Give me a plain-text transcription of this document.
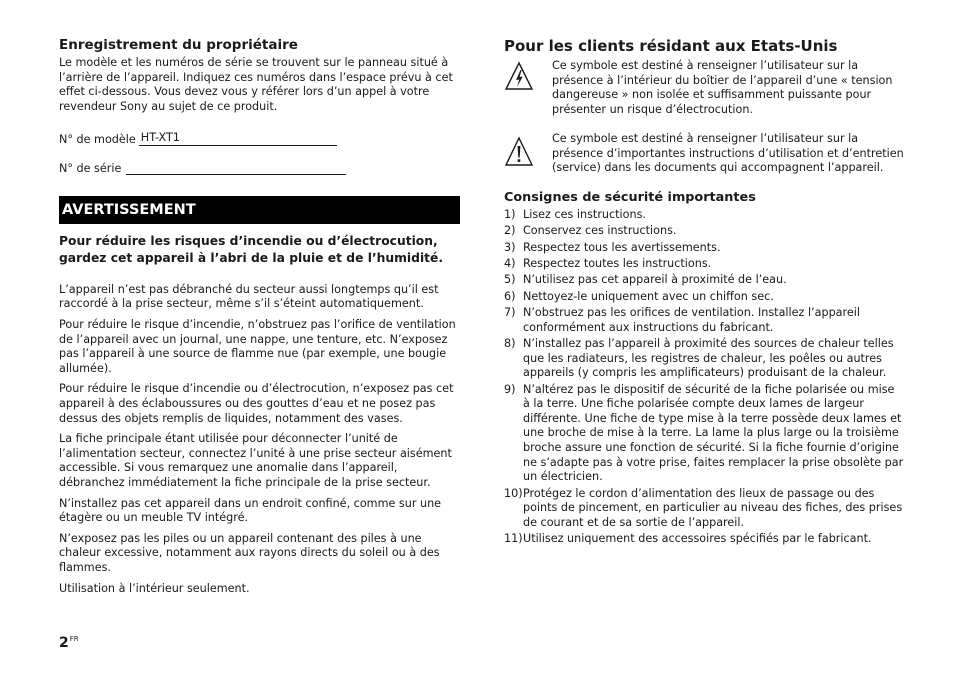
Enregistrement du propriétaire

Le modèle et les numéros de série se trouvent sur le panneau situé à l’arrière de l’appareil. Indiquez ces numéros dans l’espace prévu à cet effet ci-dessous. Vous devez vous y référer lors d’un appel à votre revendeur Sony au sujet de ce produit.

N° de modèle HT-XT1
N° de série
AVERTISSEMENT
Pour réduire les risques d’incendie ou d’électrocution, gardez cet appareil à l’abri de la pluie et de l’humidité.

L’appareil n’est pas débranché du secteur aussi longtemps qu’il est raccordé à la prise secteur, même s’il s’éteint automatiquement.

Pour réduire le risque d’incendie, n’obstruez pas l’orifice de ventilation de l’appareil avec un journal, une nappe, une tenture, etc. N’exposez pas l’appareil à une source de flamme nue (par exemple, une bougie allumée).

Pour réduire le risque d’incendie ou d’électrocution, n’exposez pas cet appareil à des éclaboussures ou des gouttes d’eau et ne posez pas dessus des objets remplis de liquides, notamment des vases.

La fiche principale étant utilisée pour déconnecter l’unité de l’alimentation secteur, connectez l’unité à une prise secteur aisément accessible. Si vous remarquez une anomalie dans l’appareil, débranchez immédiatement la fiche principale de la prise secteur.

N’installez pas cet appareil dans un endroit confiné, comme sur une étagère ou un meuble TV intégré.

N’exposez pas les piles ou un appareil contenant des piles à une chaleur excessive, notamment aux rayons directs du soleil ou à des flammes.

Utilisation à l’intérieur seulement.

Pour les clients résidant aux Etats-Unis
Ce symbole est destiné à renseigner l’utilisateur sur la présence à l’intérieur du boîtier de l’appareil d’une « tension dangereuse » non isolée et suffisamment puissante pour présenter un risque d’électrocution.
Ce symbole est destiné à renseigner l’utilisateur sur la présence d’importantes instructions d’utilisation et d’entretien (service) dans les documents qui accompagnent l’appareil.
Consignes de sécurité importantes
1) Lisez ces instructions.
2) Conservez ces instructions.
3) Respectez tous les avertissements.
4) Respectez toutes les instructions.
5) N’utilisez pas cet appareil à proximité de l’eau.
6) Nettoyez-le uniquement avec un chiffon sec.
7) N’obstruez pas les orifices de ventilation. Installez l’appareil conformément aux instructions du fabricant.
8) N’installez pas l’appareil à proximité des sources de chaleur telles que les radiateurs, les registres de chaleur, les poêles ou autres appareils (y compris les amplificateurs) produisant de la chaleur.
9) N’altérez pas le dispositif de sécurité de la fiche polarisée ou mise à la terre. Une fiche polarisée compte deux lames de largeur différente. Une fiche de type mise à la terre possède deux lames et une broche de mise à la terre. La lame la plus large ou la troisième broche assure une fonction de sécurité. Si la fiche fournie d’origine ne s’adapte pas à votre prise, faites remplacer la prise obsolète par un électricien.
10) Protégez le cordon d’alimentation des lieux de passage ou des points de pincement, en particulier au niveau des fiches, des prises de courant et de sa sortie de l’appareil.
11) Utilisez uniquement des accessoires spécifiés par le fabricant.
$2^{FR}$
